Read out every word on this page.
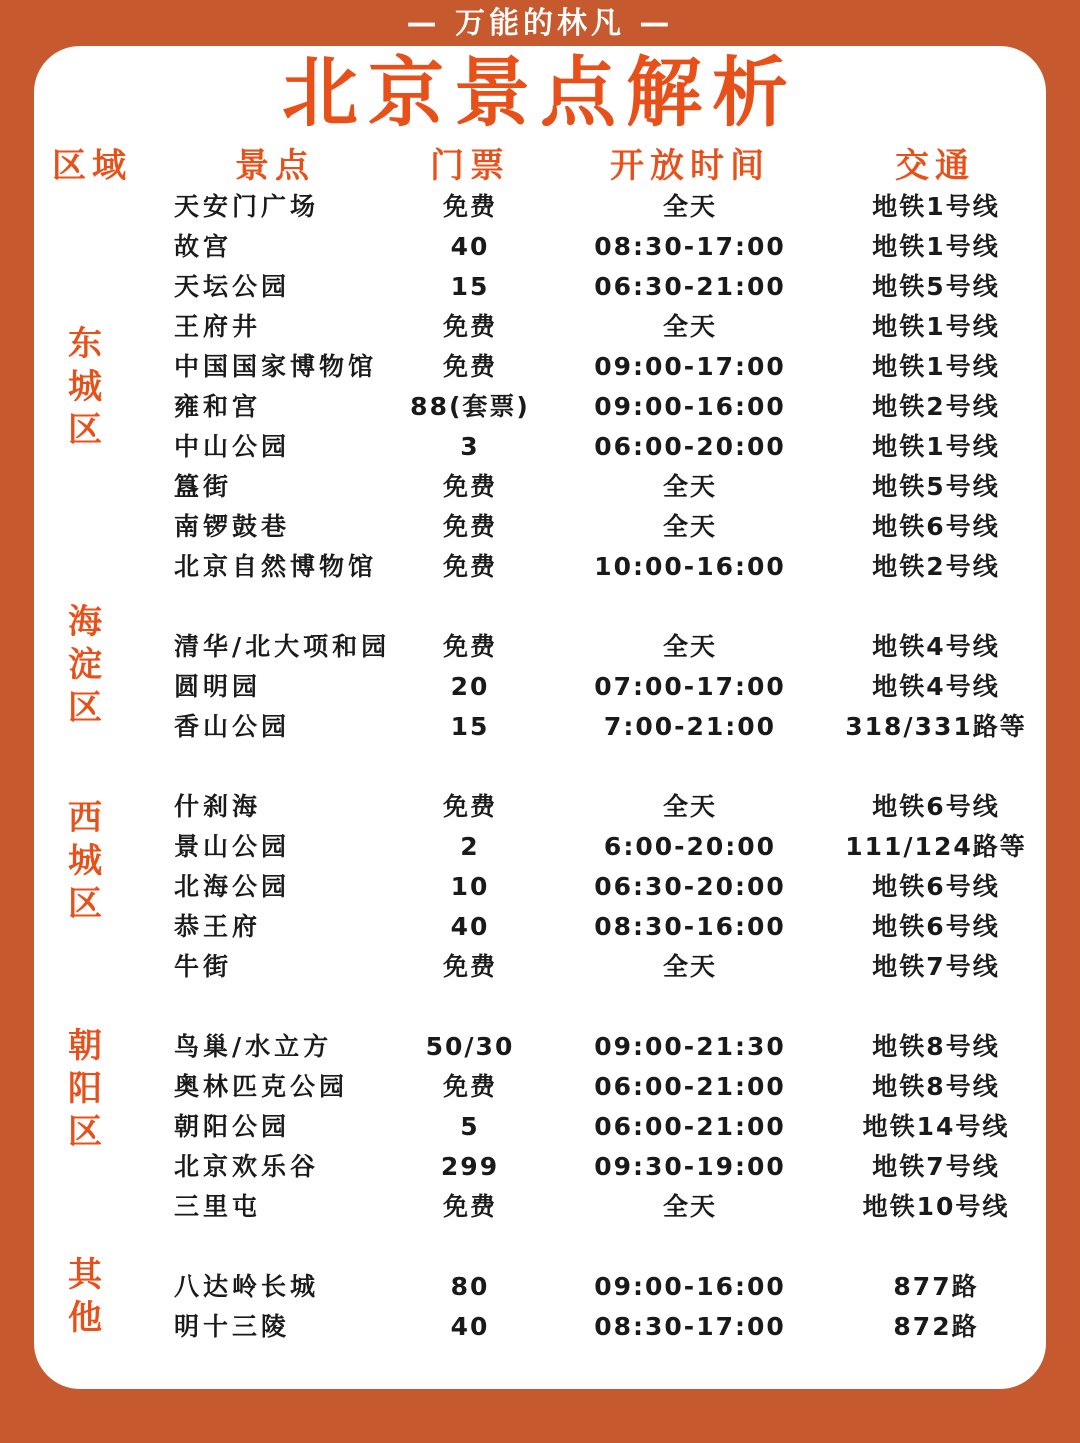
— 万能的林凡 —
北京景点解析
区域	景点	门票	开放时间	交通
东
城
区
天安门广场	免费	全天	地铁1号线
故宫	40	08:30-17:00	地铁1号线
天坛公园	15	06:30-21:00	地铁5号线
王府井	免费	全天	地铁1号线
中国国家博物馆	免费	09:00-17:00	地铁1号线
雍和宫	88(套票)	09:00-16:00	地铁2号线
中山公园	3	06:00-20:00	地铁1号线
簋街	免费	全天	地铁5号线
南锣鼓巷	免费	全天	地铁6号线
北京自然博物馆	免费	10:00-16:00	地铁2号线
海
淀
区
清华/北大项和园	免费	全天	地铁4号线
圆明园	20	07:00-17:00	地铁4号线
香山公园	15	7:00-21:00	318/331路等
西
城
区
什刹海	免费	全天	地铁6号线
景山公园	2	6:00-20:00	111/124路等
北海公园	10	06:30-20:00	地铁6号线
恭王府	40	08:30-16:00	地铁6号线
牛街	免费	全天	地铁7号线
朝
阳
区
鸟巢/水立方	50/30	09:00-21:30	地铁8号线
奥林匹克公园	免费	06:00-21:00	地铁8号线
朝阳公园	5	06:00-21:00	地铁14号线
北京欢乐谷	299	09:30-19:00	地铁7号线
三里屯	免费	全天	地铁10号线
其
他
八达岭长城	80	09:00-16:00	877路
明十三陵	40	08:30-17:00	872路
